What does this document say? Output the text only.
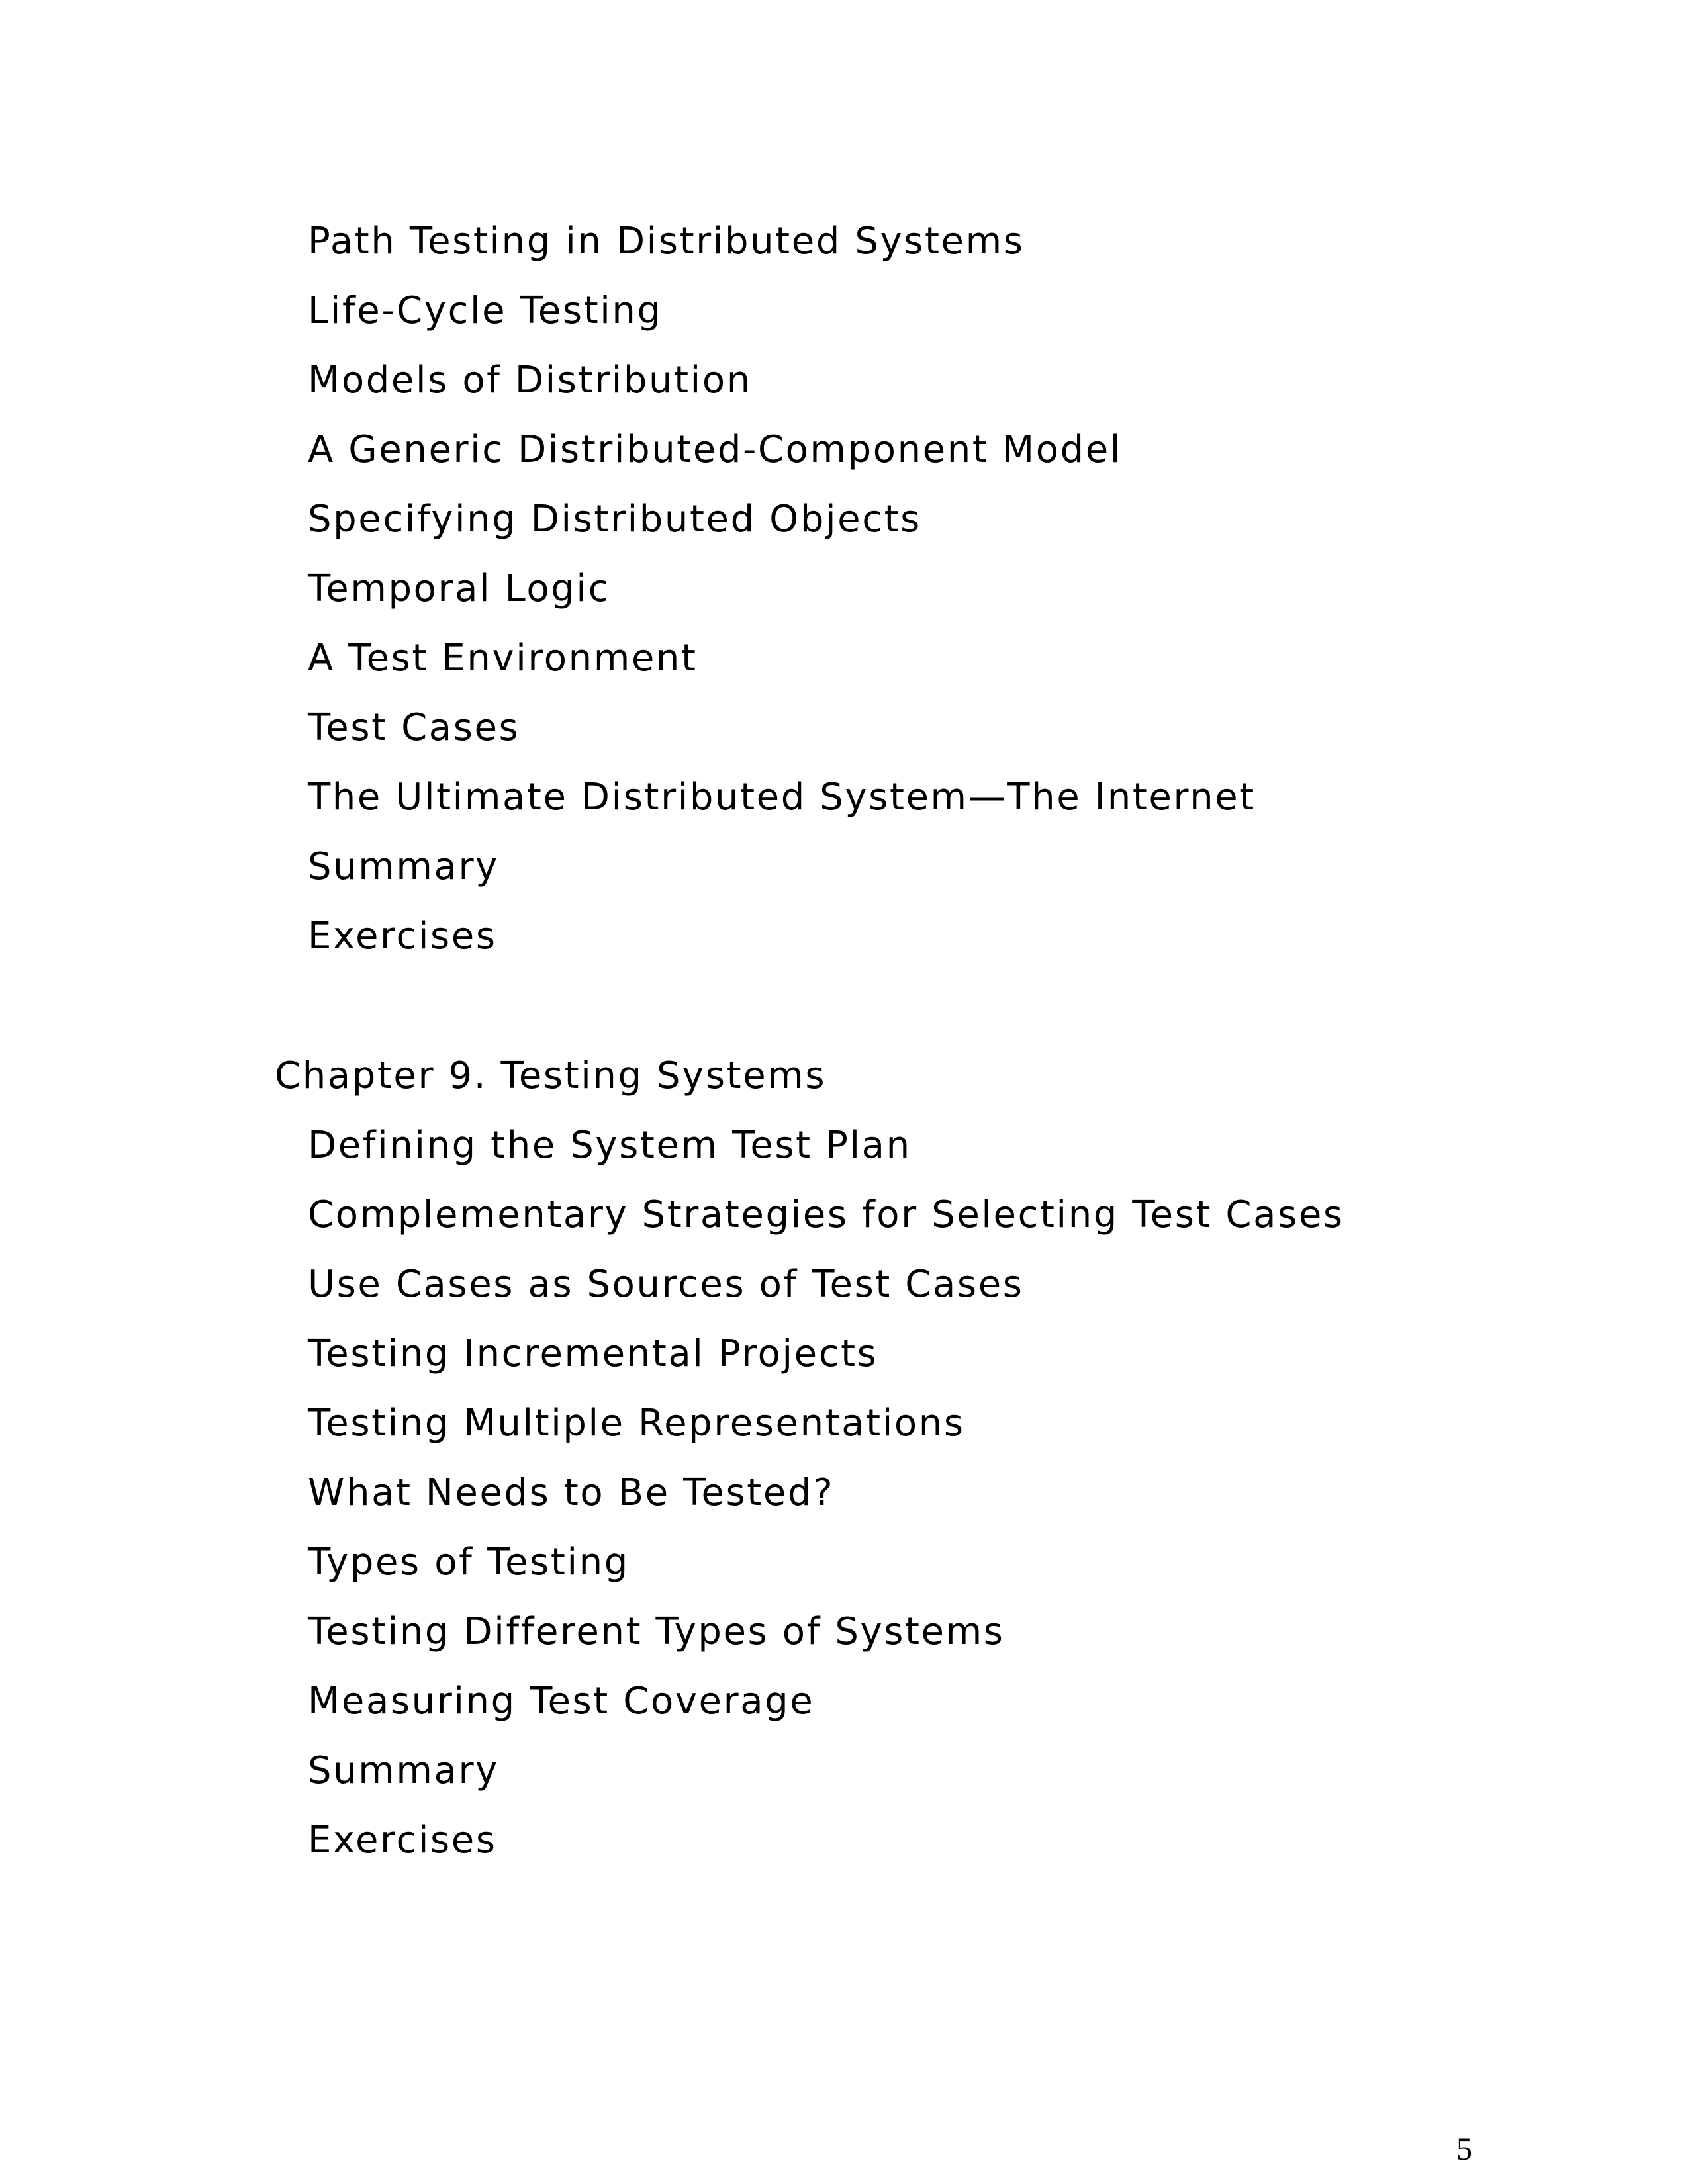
Path Testing in Distributed Systems
Life-Cycle Testing
Models of Distribution
A Generic Distributed-Component Model
Specifying Distributed Objects
Temporal Logic
A Test Environment
Test Cases
The Ultimate Distributed System—The Internet
Summary
Exercises
Chapter 9. Testing Systems
Defining the System Test Plan
Complementary Strategies for Selecting Test Cases
Use Cases as Sources of Test Cases
Testing Incremental Projects
Testing Multiple Representations
What Needs to Be Tested?
Types of Testing
Testing Different Types of Systems
Measuring Test Coverage
Summary
Exercises
5
